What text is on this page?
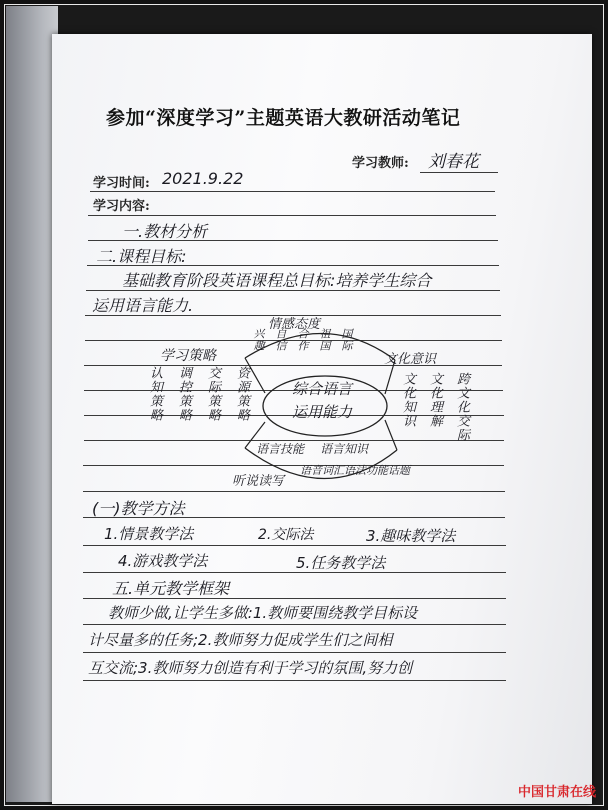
参加“深度学习”主题英语大教研活动笔记
学习教师: 刘春花
学习时间: 2021.9.22
学习内容:
一.教材分析
二.课程目标:
基础教育阶段英语课程总目标:培养学生综合
运用语言能力.
情感态度
兴趣 自信 合作 祖国 国际
文化意识
文化知识 文化理解 跨文化交际
学习策略
认知策略 调控策略 交际策略 资源策略	综合语言
运用能力
语言技能 语言知识
听说读写
语音词汇语法功能话题
(一)教学方法
1.情景教学法	2.交际法	3.趣味教学法
4.游戏教学法	5.任务教学法
五.单元教学框架
教师少做,让学生多做:1.教师要围绕教学目标设
计尽量多的任务;2.教师努力促成学生们之间相
互交流;3.教师努力创造有利于学习的氛围,努力创
中国甘肃在线
